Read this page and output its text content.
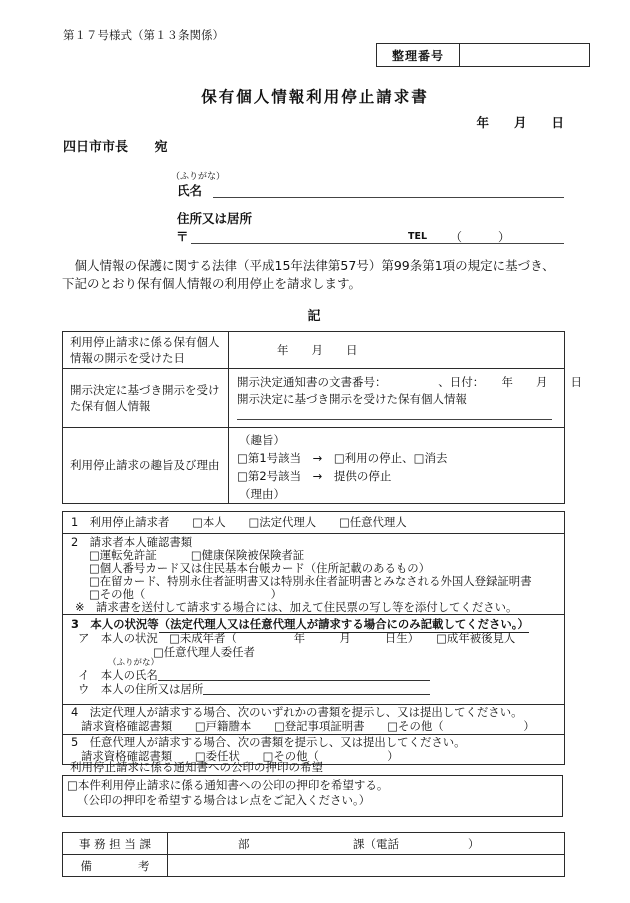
第１７号様式（第１３条関係）
整理番号
保有個人情報利用停止請求書
年　　月　　日
四日市市長 宛
（ふりがな）
氏名
住所又は居所
〒	TEL （　　　）
　個人情報の保護に関する法律（平成15年法律第57号）第99条第1項の規定に基づき、
下記のとおり保有個人情報の利用停止を請求します。
記
利用停止請求に係る保有個人情報の開示を受けた日
年　　月　　日
開示決定に基づき開示を受けた保有個人情報
開示決定通知書の文書番号：　　　　　、日付：　　年　　月　　日
開示決定に基づき開示を受けた保有個人情報
利用停止請求の趣旨及び理由
（趣旨）
□第1号該当　→　□利用の停止、□消去
□第2号該当　→　提供の停止
（理由）
1　利用停止請求者　　□本人　　□法定代理人　　□任意代理人
2　請求者本人確認書類
□運転免許証　　　□健康保険被保険者証
□個人番号カード又は住民基本台帳カード（住所記載のあるもの）
□在留カード、特別永住者証明書又は特別永住者証明書とみなされる外国人登録証明書
□その他（　　　　　　　　　　　）
※　請求書を送付して請求する場合には、加えて住民票の写し等を添付してください。
3　本人の状況等（法定代理人又は任意代理人が請求する場合にのみ記載してください。）
ア　本人の状況　□未成年者（　　　　　年　　　月　　　日生）　　□成年被後見人
□任意代理人委任者
（ふりがな）
イ　本人の氏名
ウ　本人の住所又は居所
4　法定代理人が請求する場合、次のいずれかの書類を提示し、又は提出してください。
請求資格確認書類　　□戸籍謄本　　□登記事項証明書　　□その他（　　　　　　　）
5　任意代理人が請求する場合、次の書類を提示し、又は提出してください。
請求資格確認書類　　□委任状　　□その他（　　　　　　）
利用停止請求に係る通知書への公印の押印の希望
□本件利用停止請求に係る通知書への公印の押印を希望する。
（公印の押印を希望する場合はレ点をご記入ください。）
事 務 担 当 課	部　　　　　　　　　課（電話　　　　　　）
備　　　　考
